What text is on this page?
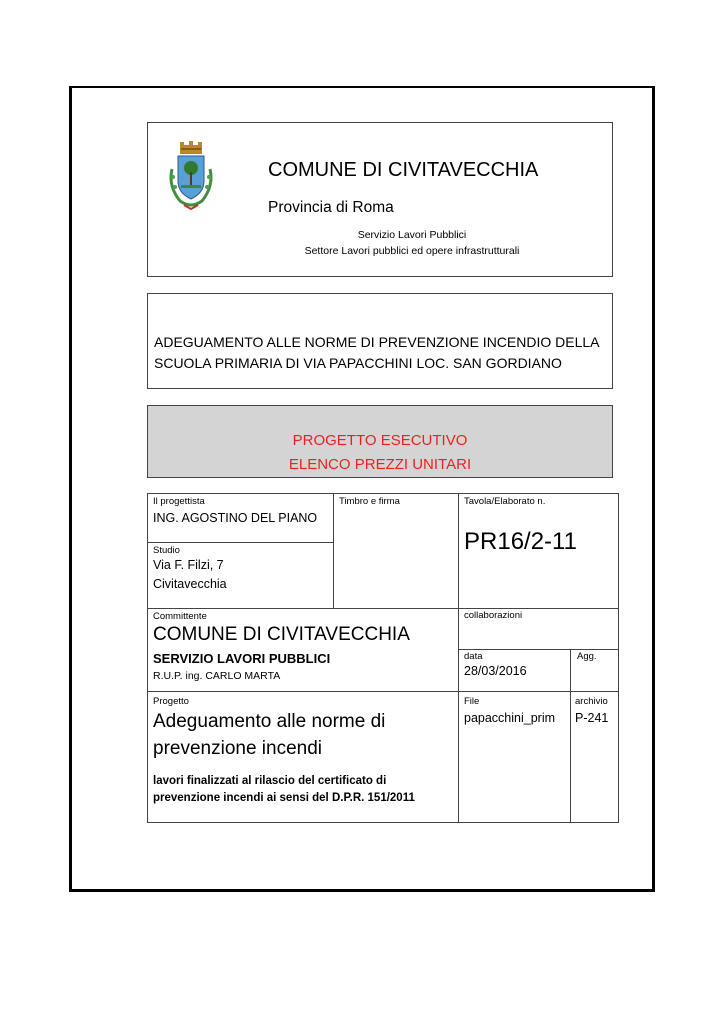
COMUNE DI CIVITAVECCHIA
Provincia di Roma
Servizio Lavori Pubblici
Settore Lavori pubblici ed opere infrastrutturali
ADEGUAMENTO ALLE NORME DI PREVENZIONE INCENDIO DELLA
SCUOLA PRIMARIA DI VIA PAPACCHINI LOC. SAN GORDIANO
PROGETTO ESECUTIVO
ELENCO PREZZI UNITARI
Il progettista
ING. AGOSTINO DEL PIANO
Studio
Via F. Filzi, 7
Civitavecchia
Timbro e firma	Tavola/Elaborato n.
PR16/2-11
Committente
COMUNE DI CIVITAVECCHIA
SERVIZIO LAVORI PUBBLICI
R.U.P. ing. CARLO MARTA
collaborazioni
data
28/03/2016
Agg.
Progetto
Adeguamento alle norme di
prevenzione incendi
lavori finalizzati al rilascio del certificato di
prevenzione incendi ai sensi del D.P.R. 151/2011
File
papacchini_prim
archivio
P-241
